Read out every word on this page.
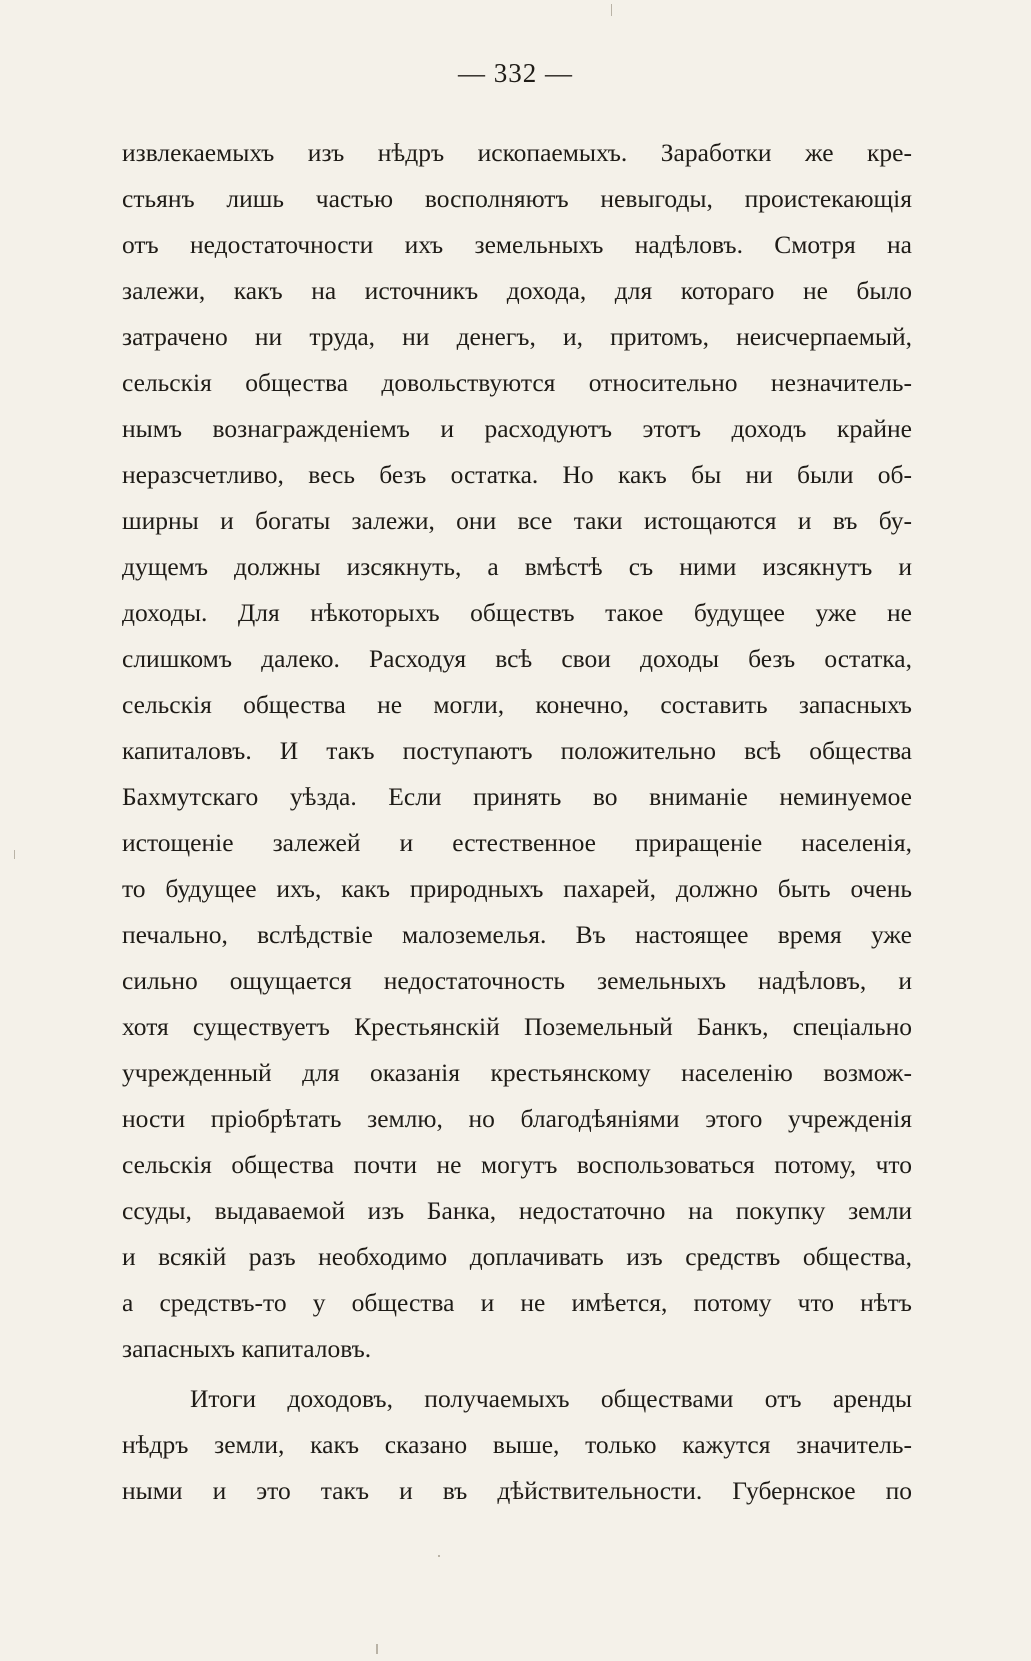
— 332 —
извлекаемыхъ изъ нѣдръ ископаемыхъ. Заработки же кре-
стьянъ лишь частью восполняютъ невыгоды, проистекающія
отъ недостаточности ихъ земельныхъ надѣловъ. Смотря на
залежи, какъ на источникъ дохода, для котораго не было
затрачено ни труда, ни денегъ, и, притомъ, неисчерпаемый,
сельскія общества довольствуются относительно незначитель-
нымъ вознагражденіемъ и расходуютъ этотъ доходъ крайне
неразсчетливо, весь безъ остатка. Но какъ бы ни были об-
ширны и богаты залежи, они все таки истощаются и въ бу-
дущемъ должны изсякнуть, а вмѣстѣ съ ними изсякнутъ и
доходы. Для нѣкоторыхъ обществъ такое будущее уже не
слишкомъ далеко. Расходуя всѣ свои доходы безъ остатка,
сельскія общества не могли, конечно, составить запасныхъ
капиталовъ. И такъ поступаютъ положительно всѣ общества
Бахмутскаго уѣзда. Если принять во вниманіе неминуемое
истощеніе залежей и естественное приращеніе населенія,
то будущее ихъ, какъ природныхъ пахарей, должно быть очень
печально, вслѣдствіе малоземелья. Въ настоящее время уже
сильно ощущается недостаточность земельныхъ надѣловъ, и
хотя существуетъ Крестьянскій Поземельный Банкъ, спеціально
учрежденный для оказанія крестьянскому населенію возмож-
ности пріобрѣтать землю, но благодѣяніями этого учрежденія
сельскія общества почти не могутъ воспользоваться потому, что
ссуды, выдаваемой изъ Банка, недостаточно на покупку земли
и всякій разъ необходимо доплачивать изъ средствъ общества,
а средствъ-то у общества и не имѣется, потому что нѣтъ
запасныхъ капиталовъ.
Итоги доходовъ, получаемыхъ обществами отъ аренды
нѣдръ земли, какъ сказано выше, только кажутся значитель-
ными и это такъ и въ дѣйствительности. Губернское по
